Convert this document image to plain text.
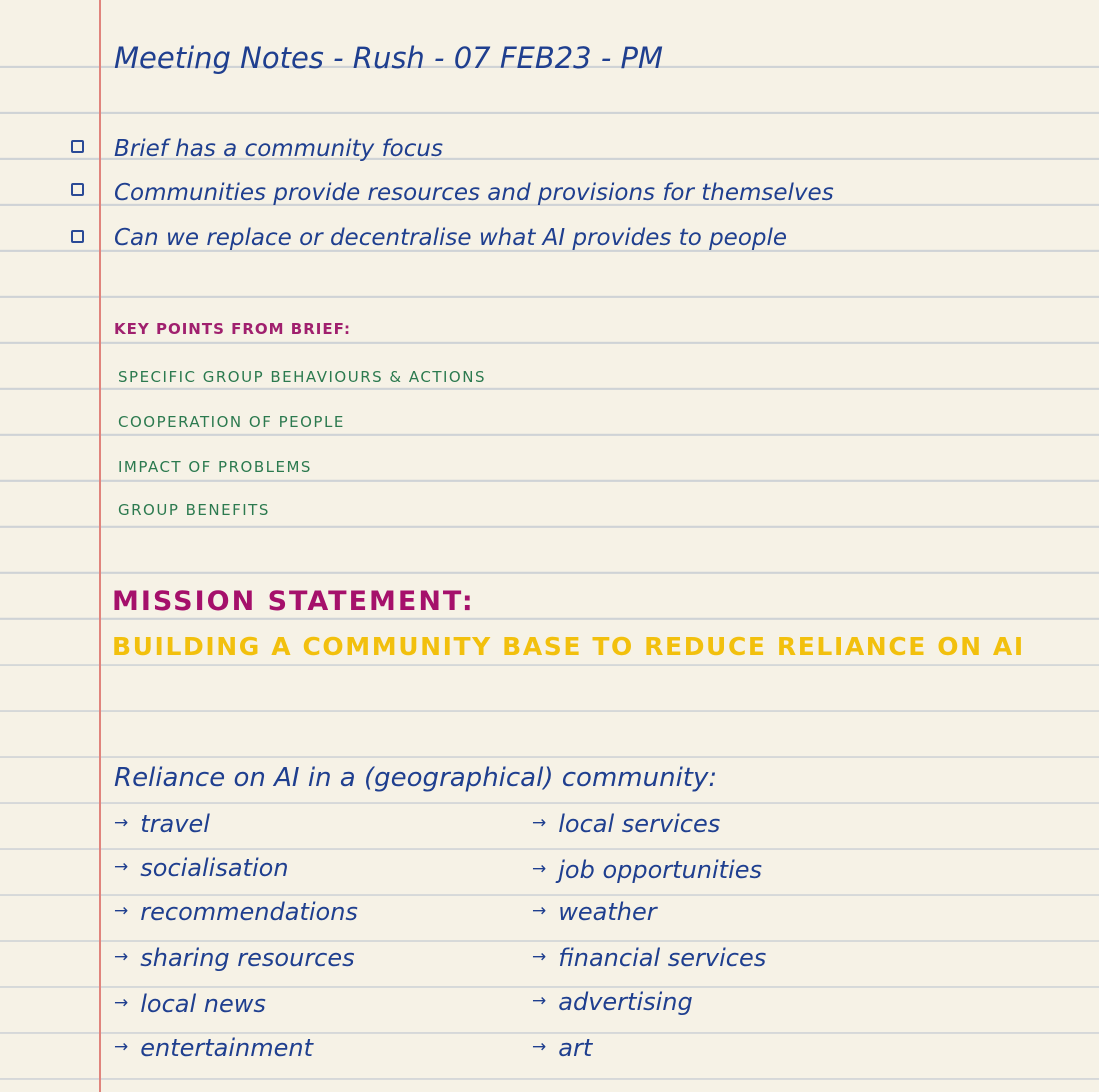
Meeting Notes - Rush - 07 FEB23 - PM
Brief has a community focus
Communities provide resources and provisions for themselves
Can we replace or decentralise what AI provides to people
KEY POINTS FROM BRIEF:
SPECIFIC GROUP BEHAVIOURS & ACTIONS
COOPERATION OF PEOPLE
IMPACT OF PROBLEMS
GROUP BENEFITS
MISSION STATEMENT:
BUILDING A COMMUNITY BASE TO REDUCE RELIANCE ON AI
Reliance on AI in a (geographical) community:
→ travel
→ socialisation
→ recommendations
→ sharing resources
→ local news
→ entertainment
→ local services
→ job opportunities
→ weather
→ financial services
→ advertising
→ art
